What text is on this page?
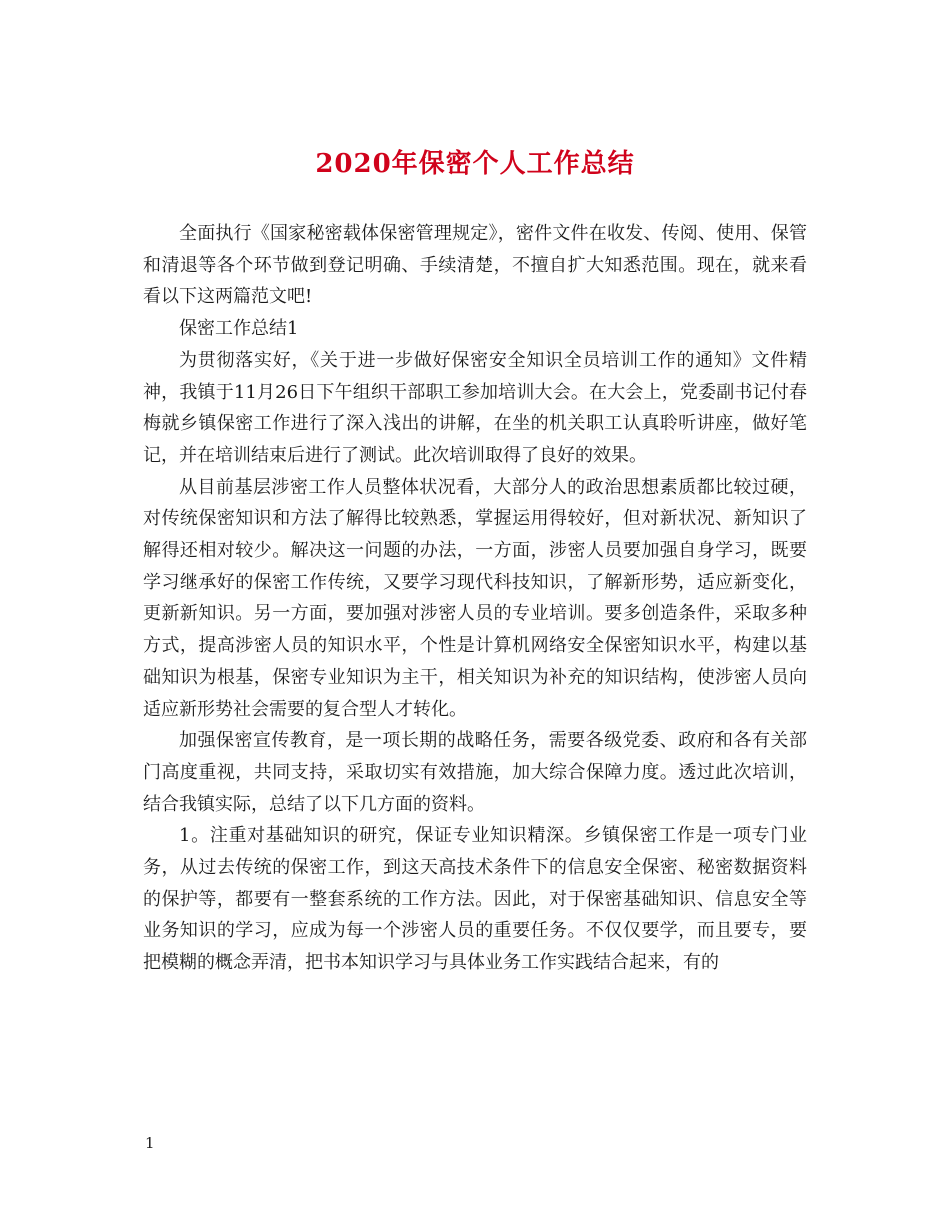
2020年保密个人工作总结

全面执行《国家秘密载体保密管理规定》，密件文件在收发、传阅、使用、保管和清退等各个环节做到登记明确、手续清楚，不擅自扩大知悉范围。现在，就来看看以下这两篇范文吧!

保密工作总结1

为贯彻落实好，《关于进一步做好保密安全知识全员培训工作的通知》文件精神，我镇于11月26日下午组织干部职工参加培训大会。在大会上，党委副书记付春梅就乡镇保密工作进行了深入浅出的讲解，在坐的机关职工认真聆听讲座，做好笔记，并在培训结束后进行了测试。此次培训取得了良好的效果。

从目前基层涉密工作人员整体状况看，大部分人的政治思想素质都比较过硬，对传统保密知识和方法了解得比较熟悉，掌握运用得较好，但对新状况、新知识了解得还相对较少。解决这一问题的办法，一方面，涉密人员要加强自身学习，既要学习继承好的保密工作传统，又要学习现代科技知识，了解新形势，适应新变化，更新新知识。另一方面，要加强对涉密人员的专业培训。要多创造条件，采取多种方式，提高涉密人员的知识水平，个性是计算机网络安全保密知识水平，构建以基础知识为根基，保密专业知识为主干，相关知识为补充的知识结构，使涉密人员向适应新形势社会需要的复合型人才转化。

加强保密宣传教育，是一项长期的战略任务，需要各级党委、政府和各有关部门高度重视，共同支持，采取切实有效措施，加大综合保障力度。透过此次培训，结合我镇实际，总结了以下几方面的资料。

1。注重对基础知识的研究，保证专业知识精深。乡镇保密工作是一项专门业务，从过去传统的保密工作，到这天高技术条件下的信息安全保密、秘密数据资料的保护等，都要有一整套系统的工作方法。因此，对于保密基础知识、信息安全等业务知识的学习，应成为每一个涉密人员的重要任务。不仅仅要学，而且要专，要把模糊的概念弄清，把书本知识学习与具体业务工作实践结合起来，有的

1
